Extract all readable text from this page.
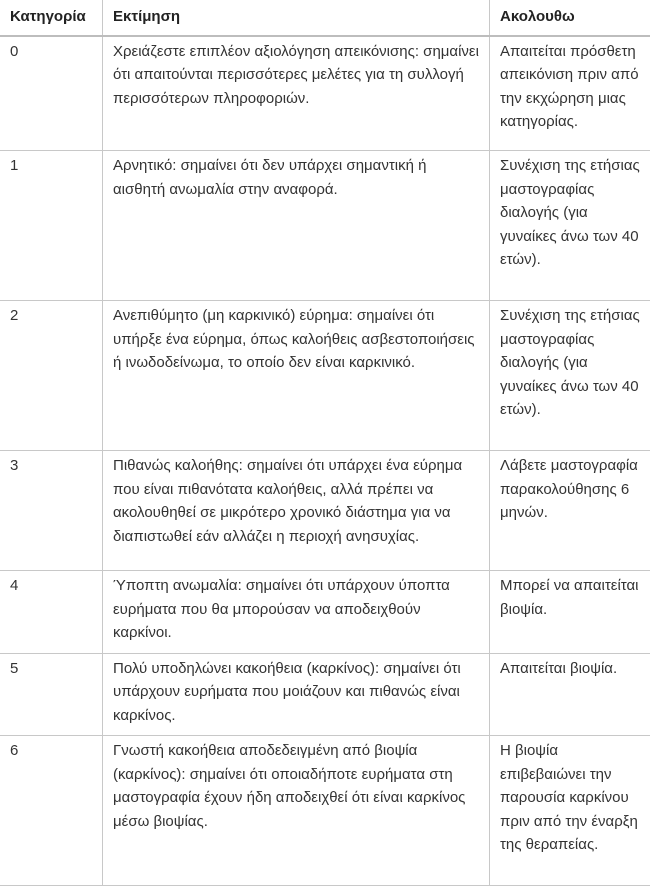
Κατηγορία	Εκτίμηση	Ακολουθω
0	Χρειάζεστε επιπλέον αξιολόγηση απεικόνισης: σημαίνει ότι απαιτούνται περισσότερες μελέτες για τη συλλογή περισσότερων πληροφοριών.	Απαιτείται πρόσθετη απεικόνιση πριν από την εκχώρηση μιας κατηγορίας.
1	Αρνητικό: σημαίνει ότι δεν υπάρχει σημαντική ή αισθητή ανωμαλία στην αναφορά.	Συνέχιση της ετήσιας μαστογραφίας διαλογής (για γυναίκες άνω των 40 ετών).
2	Ανεπιθύμητο (μη καρκινικό) εύρημα: σημαίνει ότι υπήρξε ένα εύρημα, όπως καλοήθεις ασβεστοποιήσεις ή ινωδοδείνωμα, το οποίο δεν είναι καρκινικό.	Συνέχιση της ετήσιας μαστογραφίας διαλογής (για γυναίκες άνω των 40 ετών).
3	Πιθανώς καλοήθης: σημαίνει ότι υπάρχει ένα εύρημα που είναι πιθανότατα καλοήθεις, αλλά πρέπει να ακολουθηθεί σε μικρότερο χρονικό διάστημα για να διαπιστωθεί εάν αλλάζει η περιοχή ανησυχίας.	Λάβετε μαστογραφία παρακολούθησης 6 μηνών.
4	Ύποπτη ανωμαλία: σημαίνει ότι υπάρχουν ύποπτα ευρήματα που θα μπορούσαν να αποδειχθούν καρκίνοι.	Μπορεί να απαιτείται βιοψία.
5	Πολύ υποδηλώνει κακοήθεια (καρκίνος): σημαίνει ότι υπάρχουν ευρήματα που μοιάζουν και πιθανώς είναι καρκίνος.	Απαιτείται βιοψία.
6	Γνωστή κακοήθεια αποδεδειγμένη από βιοψία (καρκίνος): σημαίνει ότι οποιαδήποτε ευρήματα στη μαστογραφία έχουν ήδη αποδειχθεί ότι είναι καρκίνος μέσω βιοψίας.	Η βιοψία επιβεβαιώνει την παρουσία καρκίνου πριν από την έναρξη της θεραπείας.
